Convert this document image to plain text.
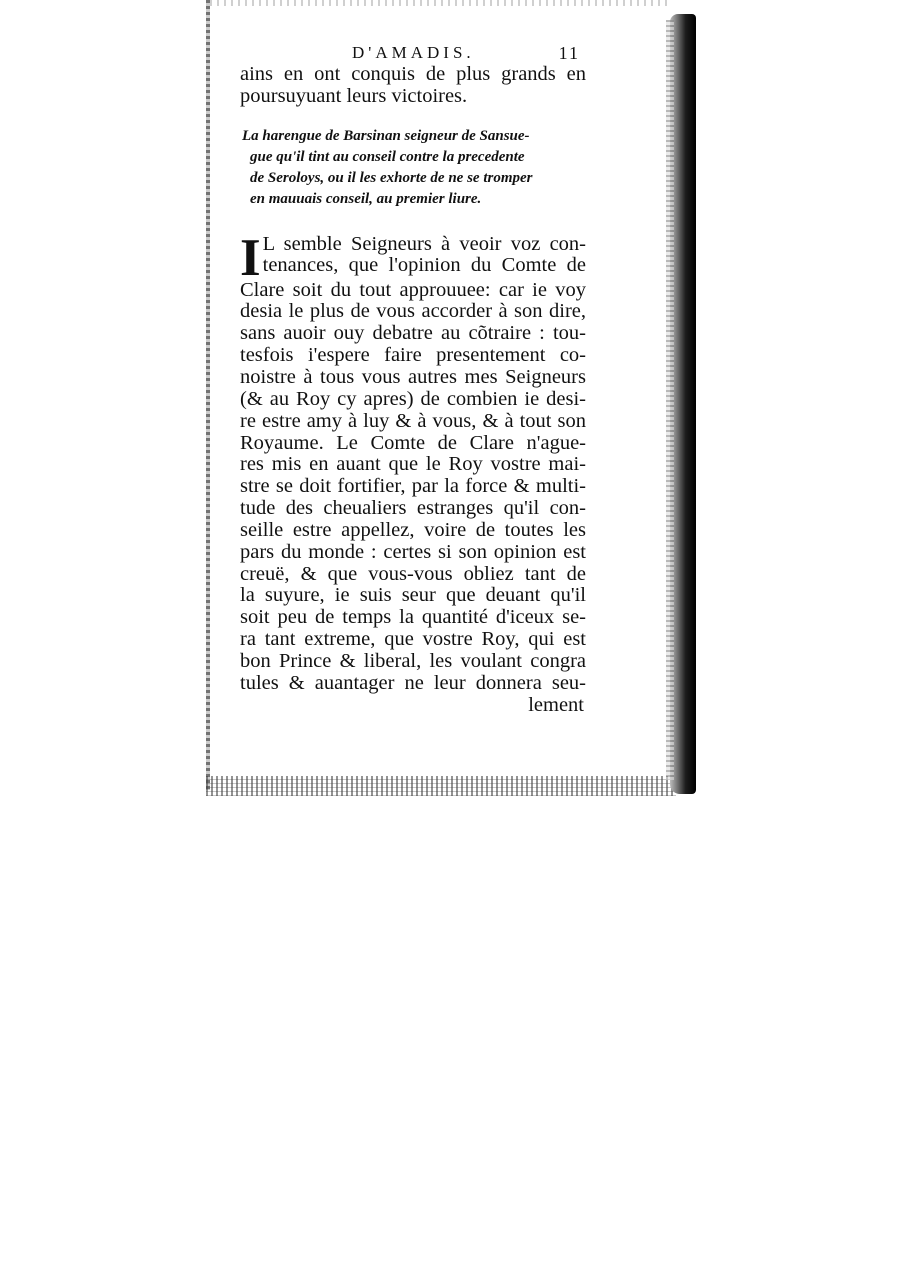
D'AMADIS.	11
ains en ont conquis de plus grands en
poursuyuant leurs victoires.
La harengue de Barsinan seigneur de Sansue-
gue qu'il tint au conseil contre la precedente
de Seroloys, ou il les exhorte de ne se tromper
en mauuais conseil, au premier liure.
I L semble Seigneurs à veoir voz con-
tenances, que l'opinion du Comte de
Clare soit du tout approuuee: car ie voy
desia le plus de vous accorder à son dire,
sans auoir ouy debatre au cõtraire : tou-
tesfois i'espere faire presentement co-
noistre à tous vous autres mes Seigneurs
(& au Roy cy apres) de combien ie desi-
re estre amy à luy & à vous, & à tout son
Royaume. Le Comte de Clare n'ague-
res mis en auant que le Roy vostre mai-
stre se doit fortifier, par la force & multi-
tude des cheualiers estranges qu'il con-
seille estre appellez, voire de toutes les
pars du monde : certes si son opinion est
creuë, & que vous-vous obliez tant de
la suyure, ie suis seur que deuant qu'il
soit peu de temps la quantité d'iceux se-
ra tant extreme, que vostre Roy, qui est
bon Prince & liberal, les voulant congra
tules & auantager ne leur donnera seu-
lement
